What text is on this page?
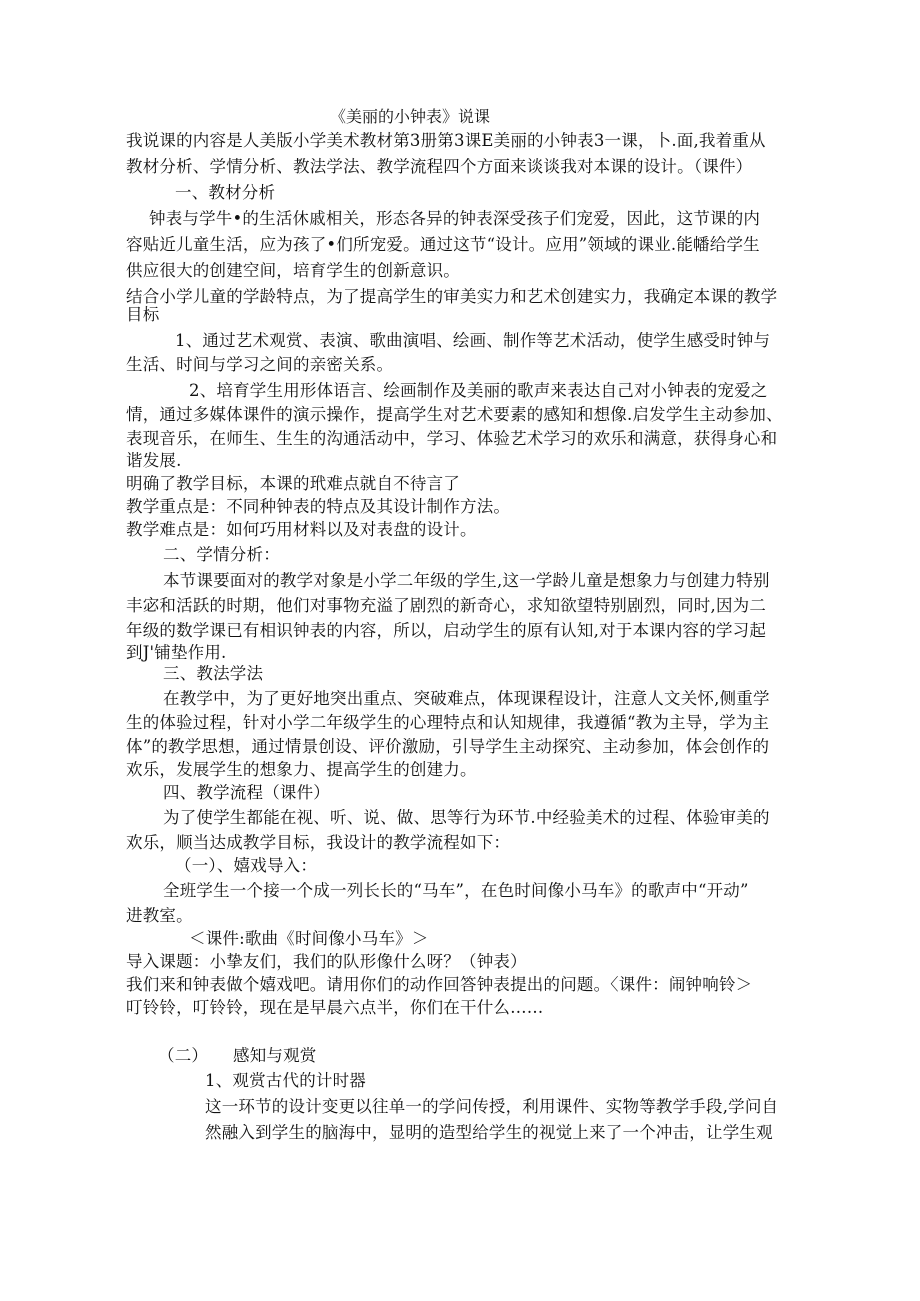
《美丽的小钟表》说课
我说课的内容是人美版小学美术教材第3册第3课E美丽的小钟表3一课，卜.面,我着重从
教材分析、学情分析、教法学法、教学流程四个方面来谈谈我对本课的设计。（课件）
一、教材分析
钟表与学牛•的生活休戚相关，形态各异的钟表深受孩子们宠爱，因此，这节课的内
容贴近儿童生活，应为孩了•们所宠爱。通过这节“设计。应用”领域的课业.能幡给学生
供应很大的创建空间，培育学生的创新意识。
结合小学儿童的学龄特点，为了提高学生的审美实力和艺术创建实力，我确定本课的教学
目标
1、通过艺术观赏、表演、歌曲演唱、绘画、制作等艺术活动，使学生感受时钟与
生活、时间与学习之间的亲密关系。
2、培育学生用形体语言、绘画制作及美丽的歌声来表达自己对小钟表的宠爱之
情，通过多媒体课件的演示操作，提高学生对艺术要素的感知和想像.启发学生主动参加、
表现音乐，在师生、生生的沟通活动中，学习、体验艺术学习的欢乐和满意，获得身心和
谐发展.
明确了教学目标，本课的玳难点就自不待言了
教学重点是：不同种钟表的特点及其设计制作方法。
教学难点是：如何巧用材料以及对表盘的设计。
二、学情分析：
本节课要面对的教学对象是小学二年级的学生,这一学龄儿童是想象力与创建力特别
丰宓和活跃的时期，他们对事物充溢了剧烈的新奇心，求知欲望特别剧烈，同时,因为二
年级的数学课已有相识钟表的内容，所以，启动学生的原有认知,对于本课内容的学习起
到J'铺垫作用.
三、教法学法
在教学中，为了更好地突出重点、突破难点，体现课程设计，注意人文关怀,侧重学
生的体验过程，针对小学二年级学生的心理特点和认知规律，我遵循“教为主导，学为主
体”的教学思想，通过情景创设、评价激励，引导学生主动探究、主动参加，体会创作的
欢乐，发展学生的想象力、提高学生的创建力。
四、教学流程（课件）
为了使学生都能在视、听、说、做、思等行为环节.中经验美术的过程、体验审美的
欢乐，顺当达成教学目标，我设计的教学流程如下：
（一）、嬉戏导入：
全班学生一个接一个成一列长长的“马车”，在色时间像小马车》的歌声中“开动”
进教室。
＜课件:歌曲《时间像小马车》＞
导入课题：小挚友们，我们的队形像什么呀？（钟表）
我们来和钟表做个嬉戏吧。请用你们的动作回答钟表提出的问题。〈课件：闹钟响铃＞
叮铃铃，叮铃铃，现在是早晨六点半，你们在干什么……
（二） 感知与观赏
1、观赏古代的计时器
这一环节的设计变更以往单一的学问传授，利用课件、实物等教学手段,学问自
然融入到学生的脑海中，显明的造型给学生的视觉上来了一个冲击，让学生观
